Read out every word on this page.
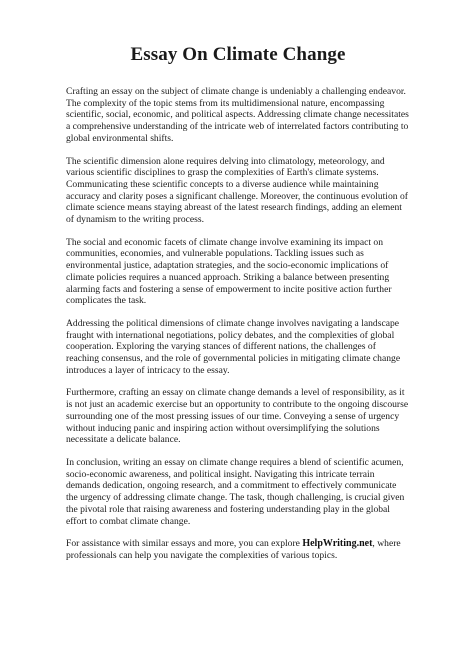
Essay On Climate Change

Crafting an essay on the subject of climate change is undeniably a challenging endeavor. The complexity of the topic stems from its multidimensional nature, encompassing scientific, social, economic, and political aspects. Addressing climate change necessitates a comprehensive understanding of the intricate web of interrelated factors contributing to global environmental shifts.

The scientific dimension alone requires delving into climatology, meteorology, and various scientific disciplines to grasp the complexities of Earth's climate systems. Communicating these scientific concepts to a diverse audience while maintaining accuracy and clarity poses a significant challenge. Moreover, the continuous evolution of climate science means staying abreast of the latest research findings, adding an element of dynamism to the writing process.

The social and economic facets of climate change involve examining its impact on communities, economies, and vulnerable populations. Tackling issues such as environmental justice, adaptation strategies, and the socio-economic implications of climate policies requires a nuanced approach. Striking a balance between presenting alarming facts and fostering a sense of empowerment to incite positive action further complicates the task.

Addressing the political dimensions of climate change involves navigating a landscape fraught with international negotiations, policy debates, and the complexities of global cooperation. Exploring the varying stances of different nations, the challenges of reaching consensus, and the role of governmental policies in mitigating climate change introduces a layer of intricacy to the essay.

Furthermore, crafting an essay on climate change demands a level of responsibility, as it is not just an academic exercise but an opportunity to contribute to the ongoing discourse surrounding one of the most pressing issues of our time. Conveying a sense of urgency without inducing panic and inspiring action without oversimplifying the solutions necessitate a delicate balance.

In conclusion, writing an essay on climate change requires a blend of scientific acumen, socio-economic awareness, and political insight. Navigating this intricate terrain demands dedication, ongoing research, and a commitment to effectively communicate the urgency of addressing climate change. The task, though challenging, is crucial given the pivotal role that raising awareness and fostering understanding play in the global effort to combat climate change.

For assistance with similar essays and more, you can explore HelpWriting.net, where professionals can help you navigate the complexities of various topics.
